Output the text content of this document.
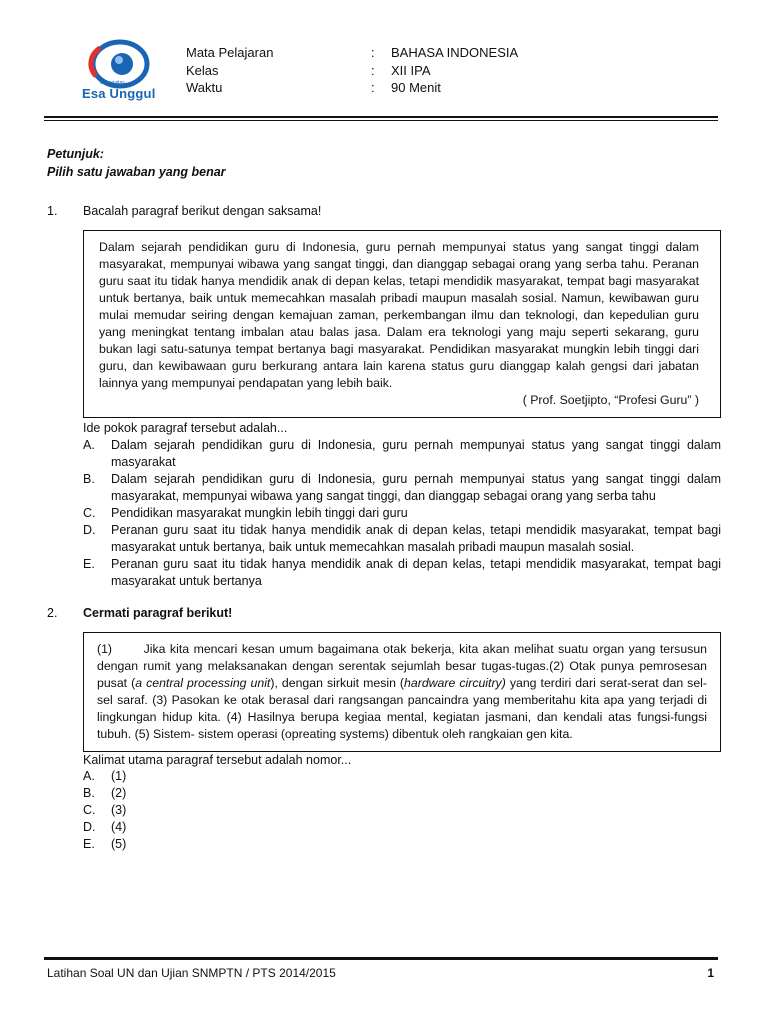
Universitas
Esa Unggul
Mata Pelajaran	:	BAHASA INDONESIA
Kelas	:	XII IPA
Waktu	:	90 Menit
Petunjuk:
Pilih satu jawaban yang benar
1. Bacalah paragraf berikut dengan saksama!

Dalam sejarah pendidikan guru di Indonesia, guru pernah mempunyai status yang sangat tinggi dalam masyarakat, mempunyai wibawa yang sangat tinggi, dan dianggap sebagai orang yang serba tahu. Peranan guru saat itu tidak hanya mendidik anak di depan kelas, tetapi mendidik masyarakat, tempat bagi masyarakat untuk bertanya, baik untuk memecahkan masalah pribadi maupun masalah sosial. Namun, kewibawan guru mulai memudar seiring dengan kemajuan zaman, perkembangan ilmu dan teknologi, dan kepedulian guru yang meningkat tentang imbalan atau balas jasa. Dalam era teknologi yang maju seperti sekarang, guru bukan lagi satu-satunya tempat bertanya bagi masyarakat. Pendidikan masyarakat mungkin lebih tinggi dari guru, dan kewibawaan guru berkurang antara lain karena status guru dianggap kalah gengsi dari jabatan lainnya yang mempunyai pendapatan yang lebih baik.

( Prof. Soetjipto, “Profesi Guru” )

Ide pokok paragraf tersebut adalah...
A.	Dalam sejarah pendidikan guru di Indonesia, guru pernah mempunyai status yang sangat tinggi dalam masyarakat
B.	Dalam sejarah pendidikan guru di Indonesia, guru pernah mempunyai status yang sangat tinggi dalam masyarakat, mempunyai wibawa yang sangat tinggi, dan dianggap sebagai orang yang serba tahu
C.	Pendidikan masyarakat mungkin lebih tinggi dari guru
D.	Peranan guru saat itu tidak hanya mendidik anak di depan kelas, tetapi mendidik masyarakat, tempat bagi masyarakat untuk bertanya, baik untuk memecahkan masalah pribadi maupun masalah sosial.
E.	Peranan guru saat itu tidak hanya mendidik anak di depan kelas, tetapi mendidik masyarakat, tempat bagi masyarakat untuk bertanya
2. Cermati paragraf berikut!

(1)       Jika kita mencari kesan umum bagaimana otak bekerja, kita akan melihat suatu organ yang tersusun dengan rumit yang melaksanakan dengan serentak sejumlah besar tugas-tugas.(2) Otak punya pemrosesan pusat (a central processing unit), dengan sirkuit mesin (hardware circuitry) yang terdiri dari serat-serat dan sel-sel saraf. (3) Pasokan ke otak berasal dari rangsangan pancaindra yang memberitahu kita apa yang terjadi di lingkungan hidup kita. (4) Hasilnya berupa kegiaa mental, kegiatan jasmani, dan kendali atas fungsi-fungsi tubuh. (5) Sistem- sistem operasi (opreating systems) dibentuk oleh rangkaian gen kita.

Kalimat utama paragraf tersebut adalah nomor...
A.	(1)
B.	(2)
C.	(3)
D.	(4)
E.	(5)
Latihan Soal UN dan Ujian SNMPTN / PTS 2014/2015	1
